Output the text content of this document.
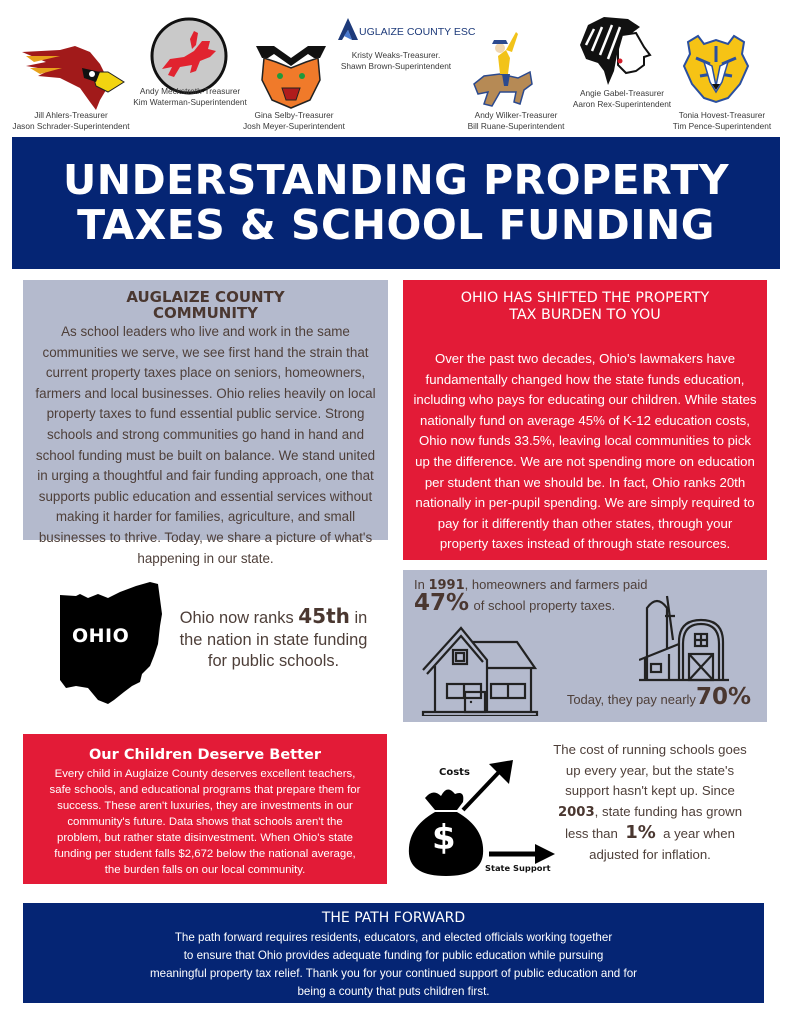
Jill Ahlers-Treasurer
Jason Schrader-Superintendent
Andy Meckstroth-Treasurer
Kim Waterman-Superintendent
Gina Selby-Treasurer
Josh Meyer-Superintendent
UGLAIZE COUNTY ESC
Kristy Weaks-Treasurer.
Shawn Brown-Superintendent
Andy Wilker-Treasurer
Bill Ruane-Superintendent
Angie Gabel-Treasurer
Aaron Rex-Superintendent
Tonia Hovest-Treasurer
Tim Pence-Superintendent
UNDERSTANDING PROPERTY
TAXES & SCHOOL FUNDING
AUGLAIZE COUNTY
COMMUNITY
As school leaders who live and work in the same
communities we serve, we see first hand the strain that
current property taxes place on seniors, homeowners,
farmers and local businesses. Ohio relies heavily on local
property taxes to fund essential public service. Strong
schools and strong communities go hand in hand and
school funding must be built on balance. We stand united
in urging a thoughtful and fair funding approach, one that
supports public education and essential services without
making it harder for families, agriculture, and small
businesses to thrive. Today, we share a picture of what's
happening in our state.
OHIO HAS SHIFTED THE PROPERTY
TAX BURDEN TO YOU
Over the past two decades, Ohio's lawmakers have
fundamentally changed how the state funds education,
including who pays for educating our children. While states
nationally fund on average 45% of K-12 education costs,
Ohio now funds 33.5%, leaving local communities to pick
up the difference. We are not spending more on education
per student than we should be. In fact, Ohio ranks 20th
nationally in per-pupil spending. We are simply required to
pay for it differently than other states, through your
property taxes instead of through state resources.
OHIO
Ohio now ranks 45th in
the nation in state funding
for public schools.
In 1991, homeowners and farmers paid
47% of school property taxes.
Today, they pay nearly70%
Our Children Deserve Better
Every child in Auglaize County deserves excellent teachers,
safe schools, and educational programs that prepare them for
success. These aren't luxuries, they are investments in our
community's future. Data shows that schools aren't the
problem, but rather state disinvestment. When Ohio's state
funding per student falls $2,672 below the national average,
the burden falls on our local community.
Costs
$
State Support
The cost of running schools goes
up every year, but the state's
support hasn't kept up. Since
2003, state funding has grown
less than 1% a year when
adjusted for inflation.
THE PATH FORWARD
The path forward requires residents, educators, and elected officials working together
to ensure that Ohio provides adequate funding for public education while pursuing
meaningful property tax relief. Thank you for your continued support of public education and for
being a county that puts children first.
